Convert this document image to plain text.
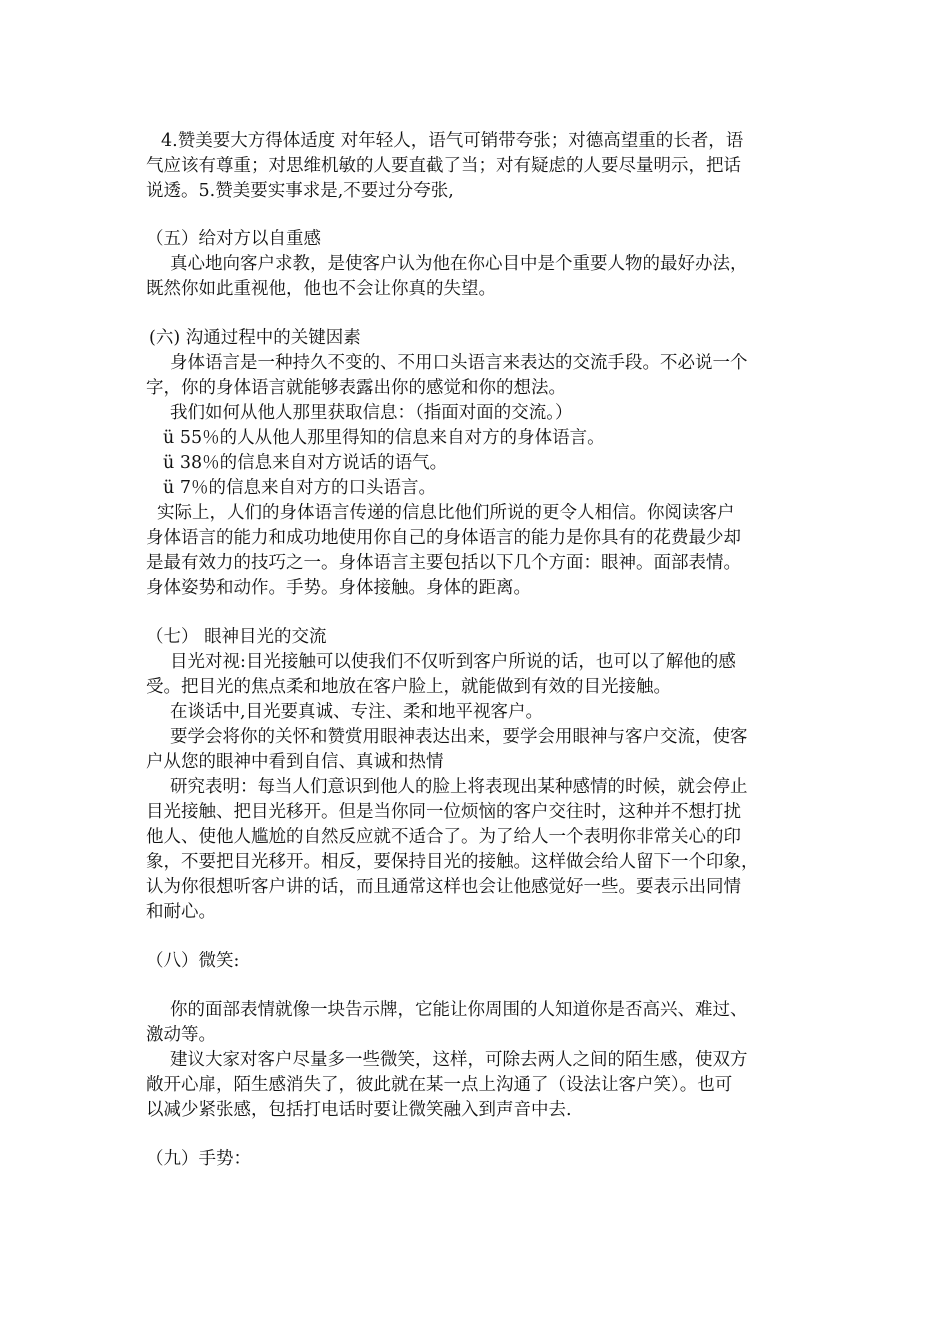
4.赞美要大方得体适度 对年轻人，语气可销带夸张；对德高望重的长者，语
气应该有尊重；对思维机敏的人要直截了当；对有疑虑的人要尽量明示，把话
说透。5.赞美要实事求是,不要过分夸张,
（五）给对方以自重感
真心地向客户求教，是使客户认为他在你心目中是个重要人物的最好办法，
既然你如此重视他，他也不会让你真的失望。
(六) 沟通过程中的关键因素
身体语言是一种持久不变的、不用口头语言来表达的交流手段。不必说一个
字，你的身体语言就能够表露出你的感觉和你的想法。
我们如何从他人那里获取信息：（指面对面的交流。）
ü 55％的人从他人那里得知的信息来自对方的身体语言。
ü 38％的信息来自对方说话的语气。
ü 7％的信息来自对方的口头语言。
实际上，人们的身体语言传递的信息比他们所说的更令人相信。你阅读客户
身体语言的能力和成功地使用你自己的身体语言的能力是你具有的花费最少却
是最有效力的技巧之一。身体语言主要包括以下几个方面：眼神。面部表情。
身体姿势和动作。手势。身体接触。身体的距离。
（七） 眼神目光的交流
目光对视:目光接触可以使我们不仅听到客户所说的话，也可以了解他的感
受。把目光的焦点柔和地放在客户脸上，就能做到有效的目光接触。
在谈话中,目光要真诚、专注、柔和地平视客户。
要学会将你的关怀和赞赏用眼神表达出来，要学会用眼神与客户交流，使客
户从您的眼神中看到自信、真诚和热情
研究表明：每当人们意识到他人的脸上将表现出某种感情的时候，就会停止
目光接触、把目光移开。但是当你同一位烦恼的客户交往时，这种并不想打扰
他人、使他人尴尬的自然反应就不适合了。为了给人一个表明你非常关心的印
象，不要把目光移开。相反，要保持目光的接触。这样做会给人留下一个印象，
认为你很想听客户讲的话，而且通常这样也会让他感觉好一些。要表示出同情
和耐心。
（八）微笑:
你的面部表情就像一块告示牌，它能让你周围的人知道你是否高兴、难过、
激动等。
建议大家对客户尽量多一些微笑，这样，可除去两人之间的陌生感，使双方
敞开心扉，陌生感消失了，彼此就在某一点上沟通了（设法让客户笑）。也可
以减少紧张感，包括打电话时要让微笑融入到声音中去.
（九）手势：
